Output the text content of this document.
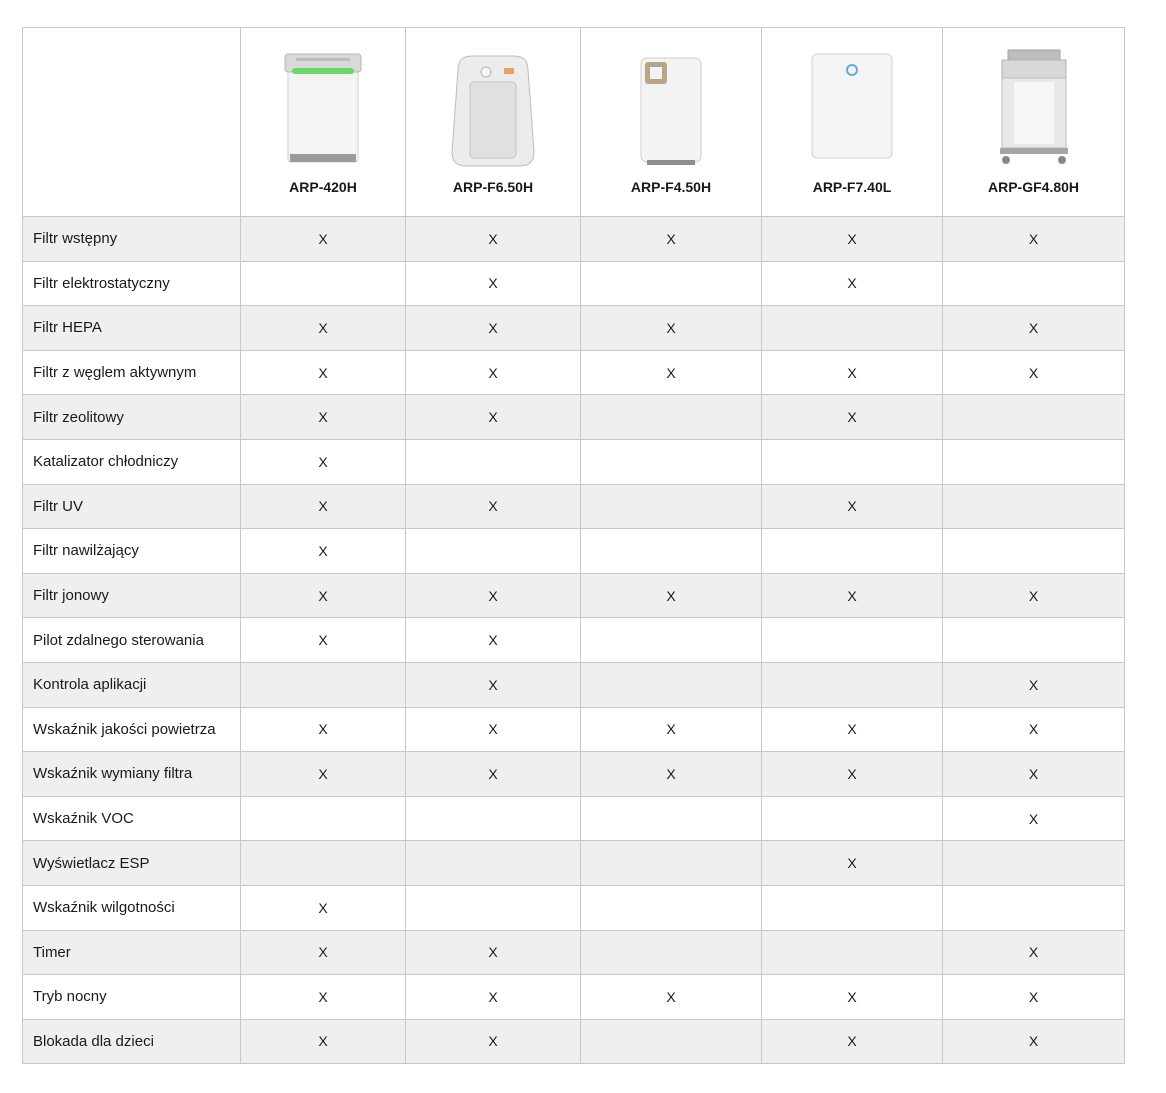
	ARP-420H	ARP-F6.50H	ARP-F4.50H	ARP-F7.40L	ARP-GF4.80H

Filtr wstępny	X	X	X	X	X
Filtr elektrostatyczny		X		X	
Filtr HEPA	X	X	X		X
Filtr z węglem aktywnym	X	X	X	X	X
Filtr zeolitowy	X	X		X	
Katalizator chłodniczy	X				
Filtr UV	X	X		X	
Filtr nawilżający	X				
Filtr jonowy	X	X	X	X	X
Pilot zdalnego sterowania	X	X			
Kontrola aplikacji		X			X
Wskaźnik jakości powietrza	X	X	X	X	X
Wskaźnik wymiany filtra	X	X	X	X	X
Wskaźnik VOC					X
Wyświetlacz ESP				X	
Wskaźnik wilgotności	X				
Timer	X	X			X
Tryb nocny	X	X	X	X	X
Blokada dla dzieci	X	X		X	X
